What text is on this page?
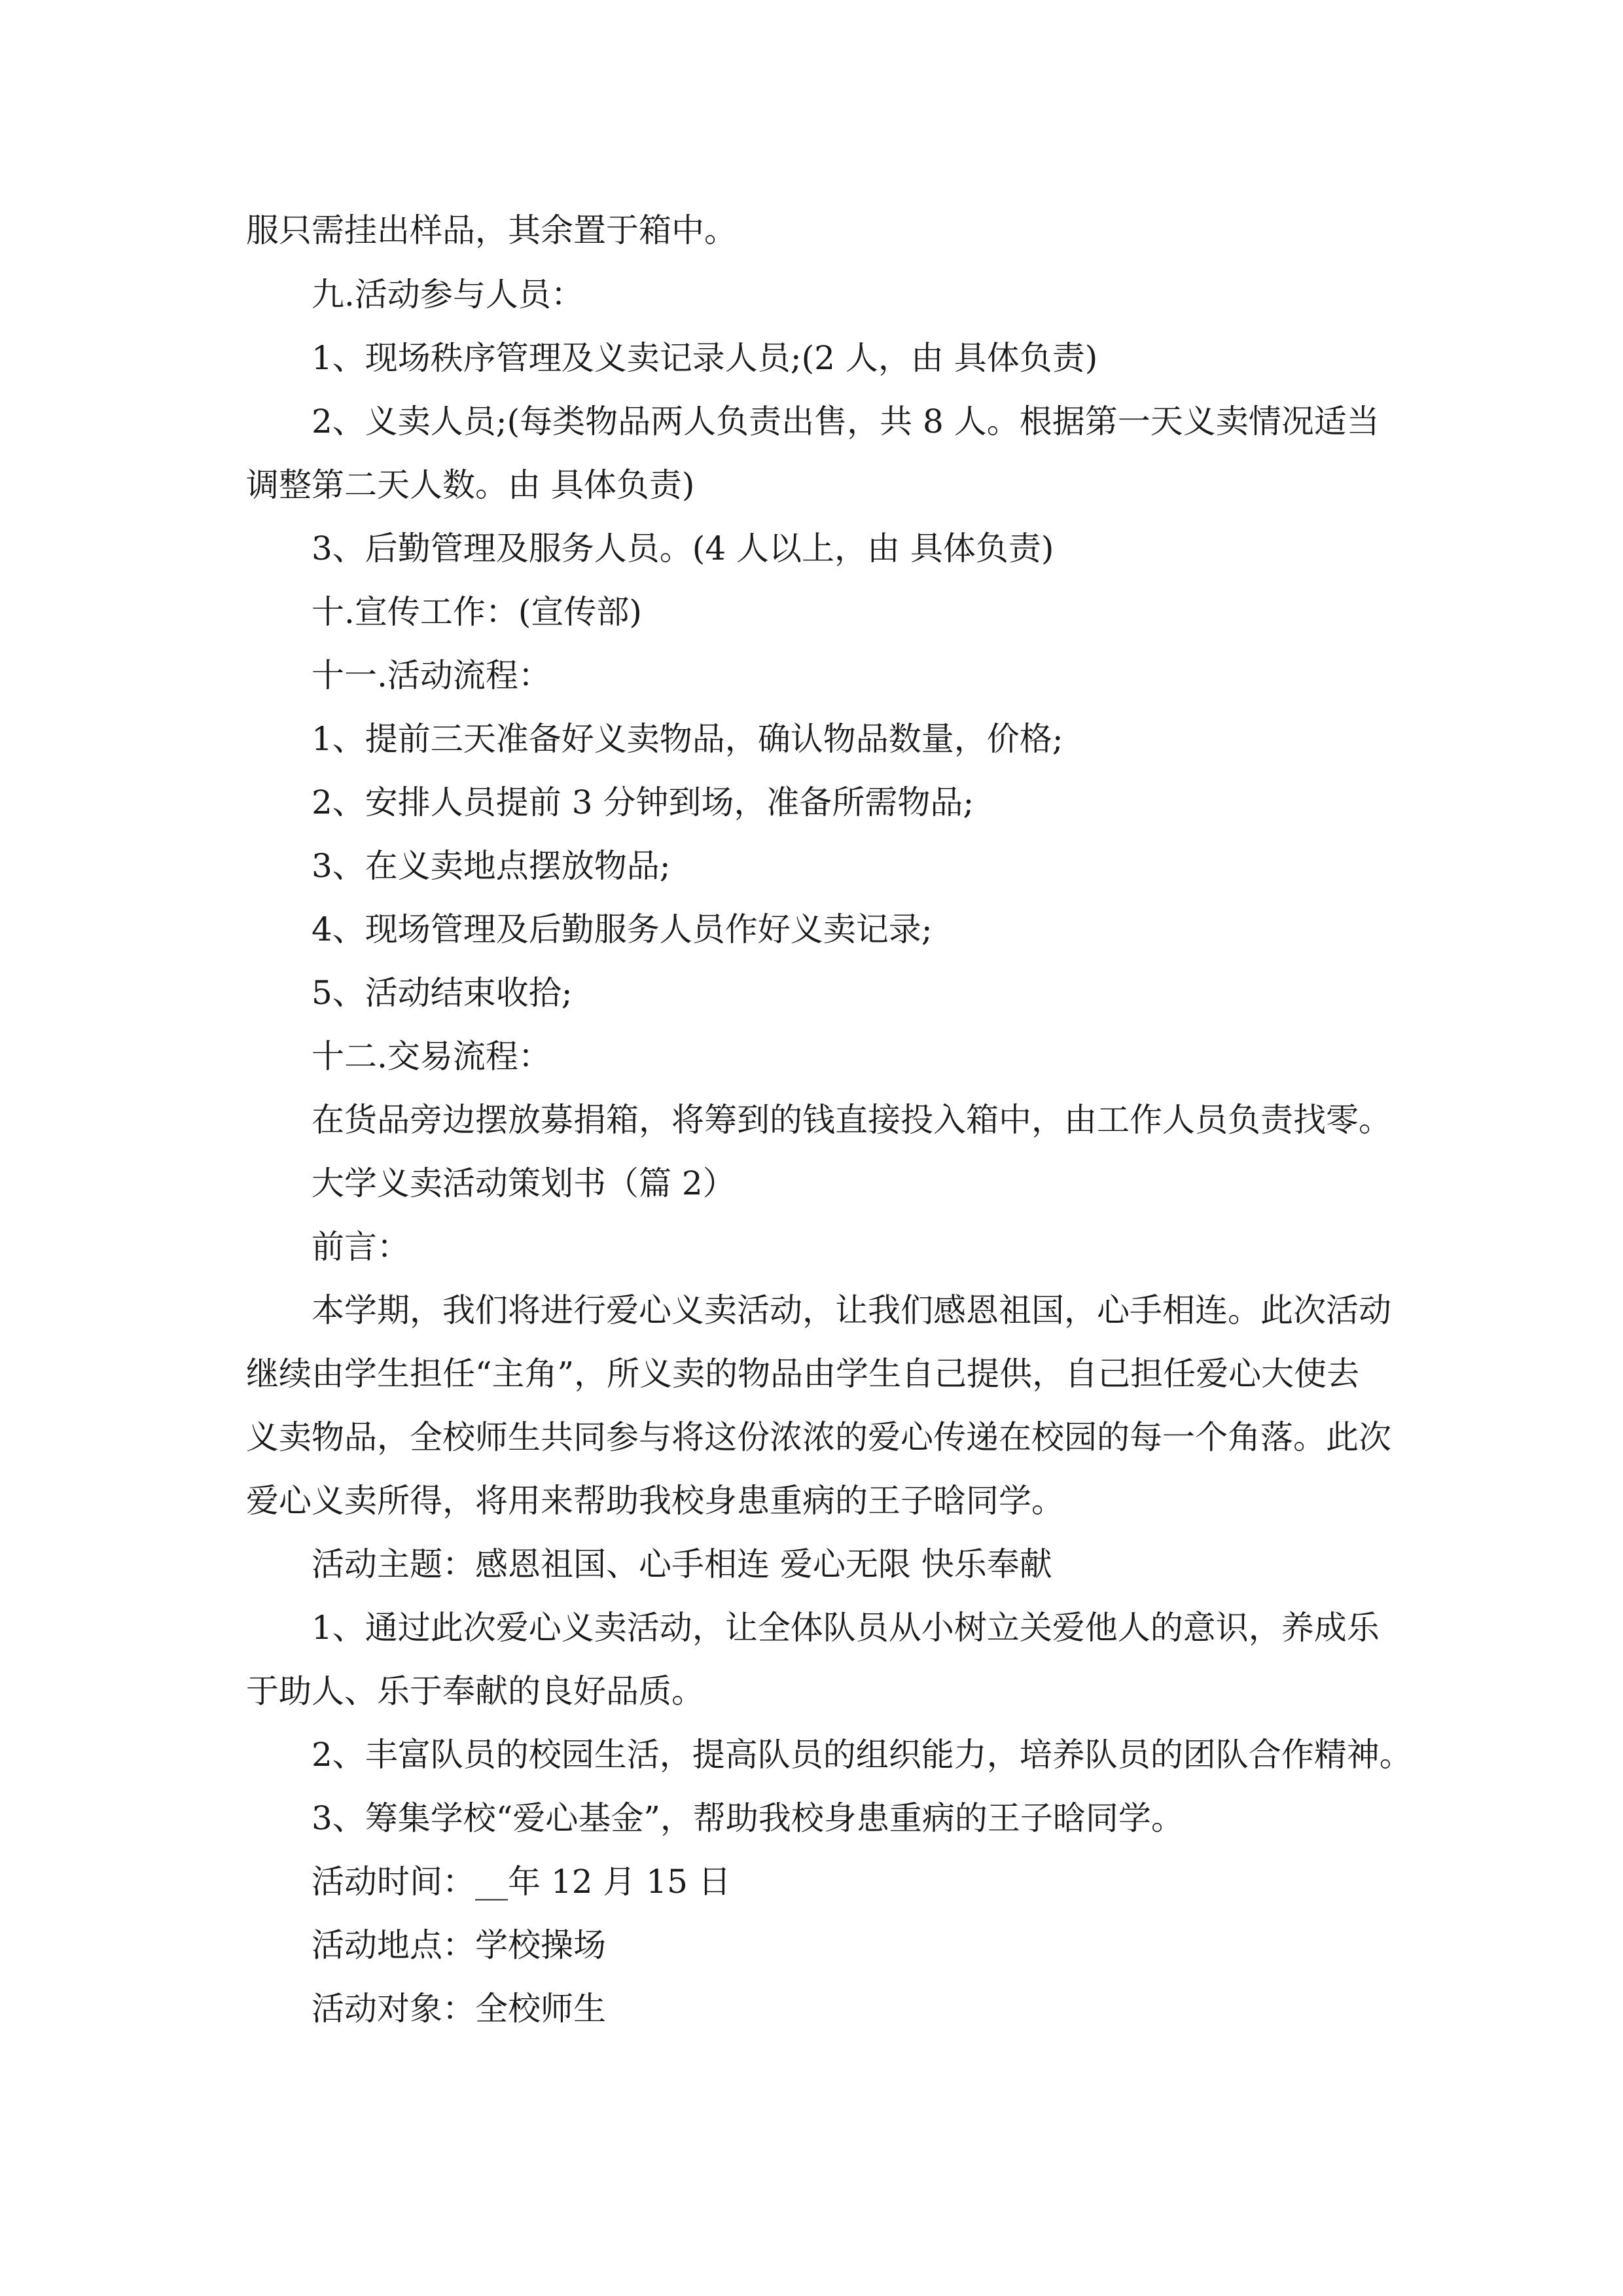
服只需挂出样品，其余置于箱中。
九.活动参与人员：
1、现场秩序管理及义卖记录人员;(2 人，由 具体负责)
2、义卖人员;(每类物品两人负责出售，共 8 人。根据第一天义卖情况适当
调整第二天人数。由 具体负责)
3、后勤管理及服务人员。(4 人以上，由 具体负责)
十.宣传工作：(宣传部)
十一.活动流程：
1、提前三天准备好义卖物品，确认物品数量，价格;
2、安排人员提前 3 分钟到场，准备所需物品;
3、在义卖地点摆放物品;
4、现场管理及后勤服务人员作好义卖记录;
5、活动结束收拾;
十二.交易流程：
在货品旁边摆放募捐箱，将筹到的钱直接投入箱中，由工作人员负责找零。
大学义卖活动策划书（篇 2）
前言：
本学期，我们将进行爱心义卖活动，让我们感恩祖国，心手相连。此次活动
继续由学生担任“主角”，所义卖的物品由学生自己提供，自己担任爱心大使去
义卖物品，全校师生共同参与将这份浓浓的爱心传递在校园的每一个角落。此次
爱心义卖所得，将用来帮助我校身患重病的王子晗同学。
活动主题：感恩祖国、心手相连 爱心无限 快乐奉献
1、通过此次爱心义卖活动，让全体队员从小树立关爱他人的意识，养成乐
于助人、乐于奉献的良好品质。
2、丰富队员的校园生活，提高队员的组织能力，培养队员的团队合作精神。
3、筹集学校“爱心基金”，帮助我校身患重病的王子晗同学。
活动时间：__年 12 月 15 日
活动地点：学校操场
活动对象：全校师生
